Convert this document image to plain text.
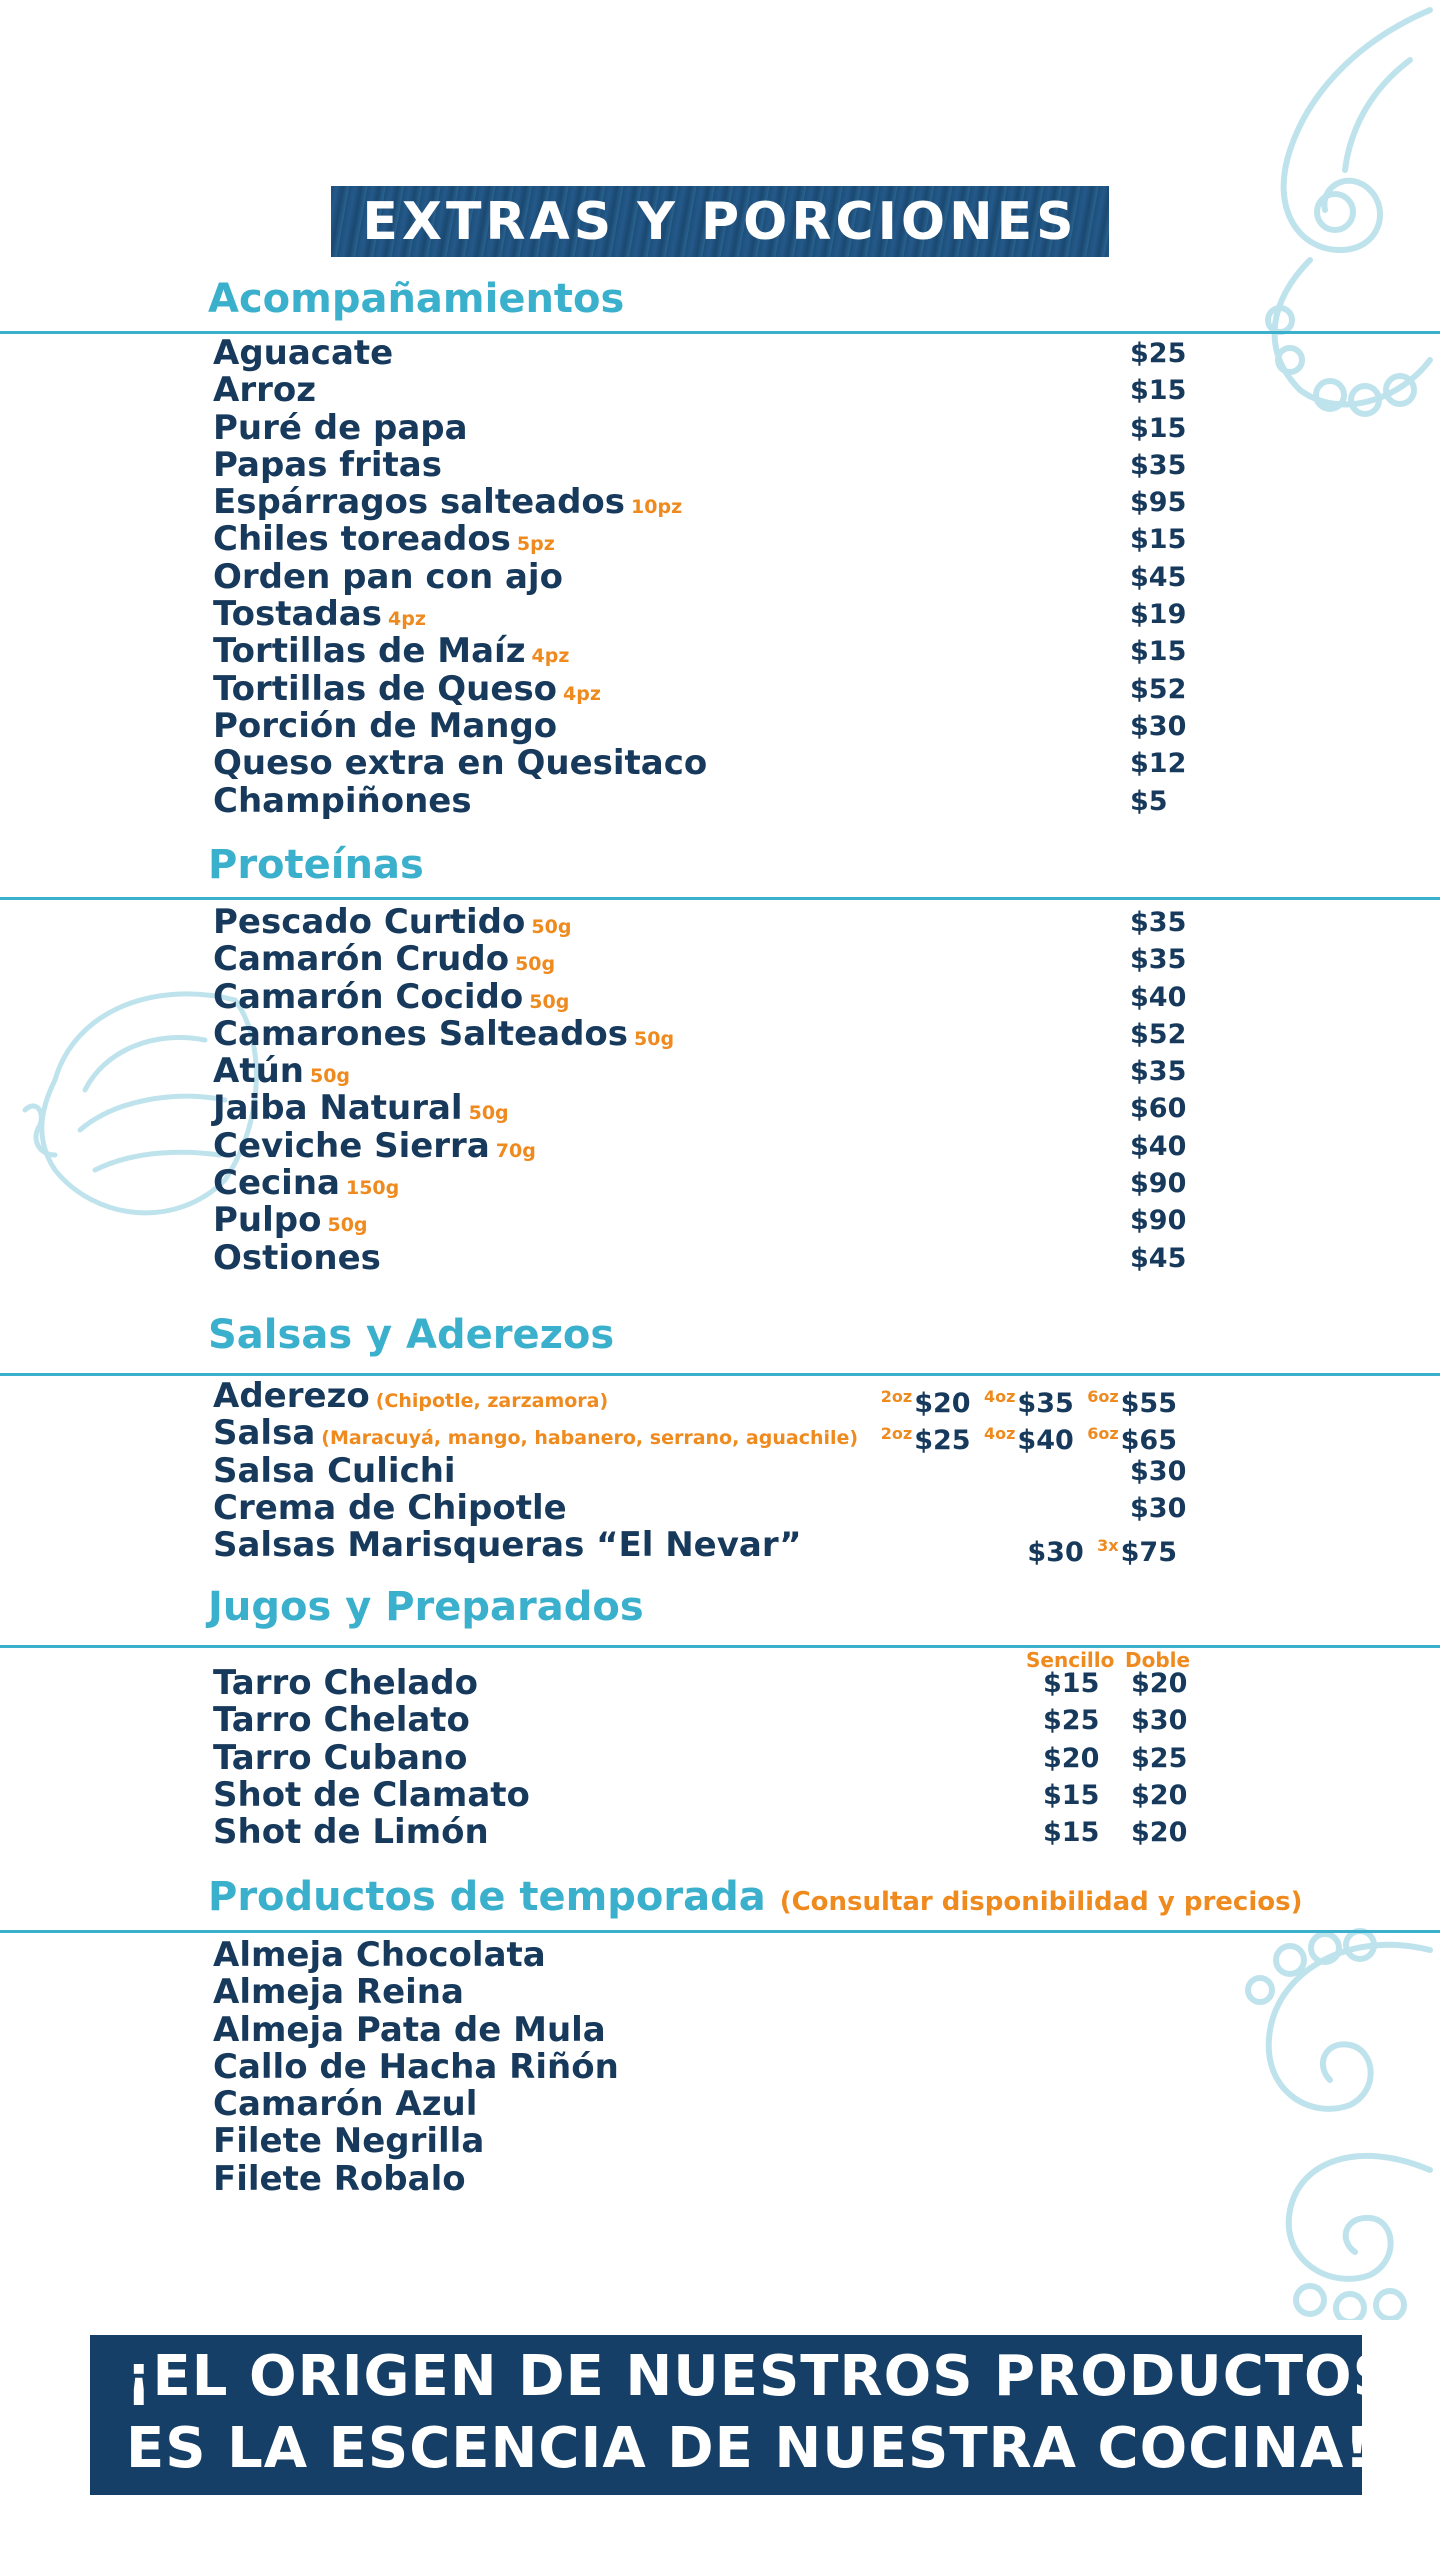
EXTRAS Y PORCIONES
Acompañamientos
Aguacate	$25
Arroz	$15
Puré de papa	$15
Papas fritas	$35
Espárragos salteados 10pz	$95
Chiles toreados 5pz	$15
Orden pan con ajo	$45
Tostadas 4pz	$19
Tortillas de Maíz 4pz	$15
Tortillas de Queso 4pz	$52
Porción de Mango	$30
Queso extra en Quesitaco	$12
Champiñones	$5
Proteínas
Pescado Curtido 50g	$35
Camarón Crudo 50g	$35
Camarón Cocido 50g	$40
Camarones Salteados 50g	$52
Atún 50g	$35
Jaiba Natural 50g	$60
Ceviche Sierra 70g	$40
Cecina 150g	$90
Pulpo 50g	$90
Ostiones	$45
Salsas y Aderezos
Aderezo (Chipotle, zarzamora)	$^{2oz}$\$20 $^{4oz}$\$35 $^{6oz}$\$55
Salsa (Maracuyá, mango, habanero, serrano, aguachile) $^{2oz}$\$25 $^{4oz}$\$40 $^{6oz}$\$65
Salsa Culichi	$30
Crema de Chipotle	$30
Salsas Marisqueras “El Nevar”	$30 $^{3x}$\$75
Jugos y Preparados
Sencillo Doble
Tarro Chelado	$15 $20
Tarro Chelato	$25 $30
Tarro Cubano	$20 $25
Shot de Clamato	$15 $20
Shot de Limón	$15 $20
Productos de temporada (Consultar disponibilidad y precios)
Almeja Chocolata
Almeja Reina
Almeja Pata de Mula
Callo de Hacha Riñón
Camarón Azul
Filete Negrilla
Filete Robalo
¡EL ORIGEN DE NUESTROS PRODUCTOS
ES LA ESCENCIA DE NUESTRA COCINA!
